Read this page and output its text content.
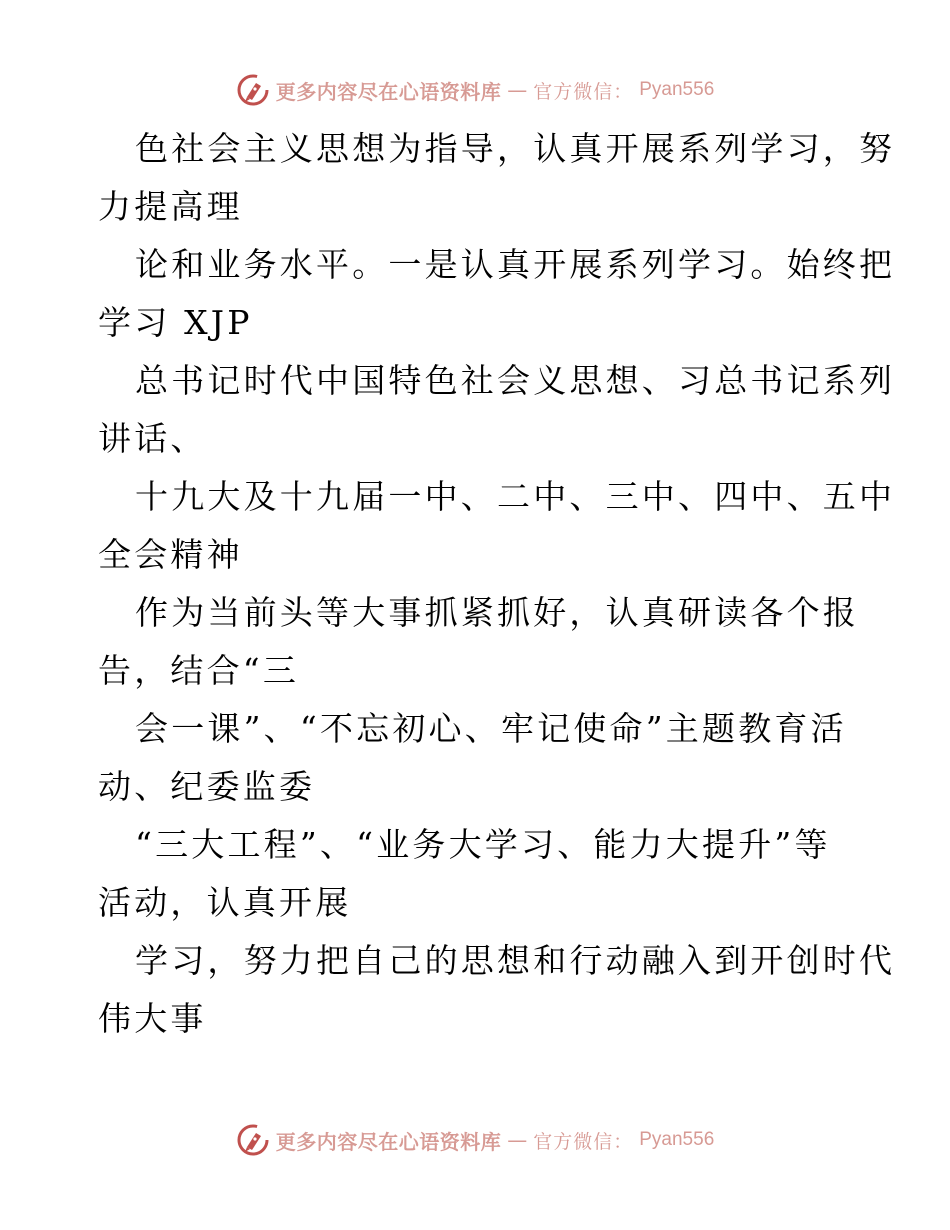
更多内容尽在心语资料库 — 官方微信： Pyan556
色社会主义思想为指导，认真开展系列学习，努
力提高理
论和业务水平。一是认真开展系列学习。始终把
学习 XJP
总书记时代中国特色社会义思想、习总书记系列
讲话、
十九大及十九届一中、二中、三中、四中、五中
全会精神
作为当前头等大事抓紧抓好，认真研读各个报
告，结合“三
会一课”、“不忘初心、牢记使命”主题教育活
动、纪委监委
“三大工程”、“业务大学习、能力大提升”等
活动，认真开展
学习，努力把自己的思想和行动融入到开创时代
伟大事
更多内容尽在心语资料库 — 官方微信： Pyan556
